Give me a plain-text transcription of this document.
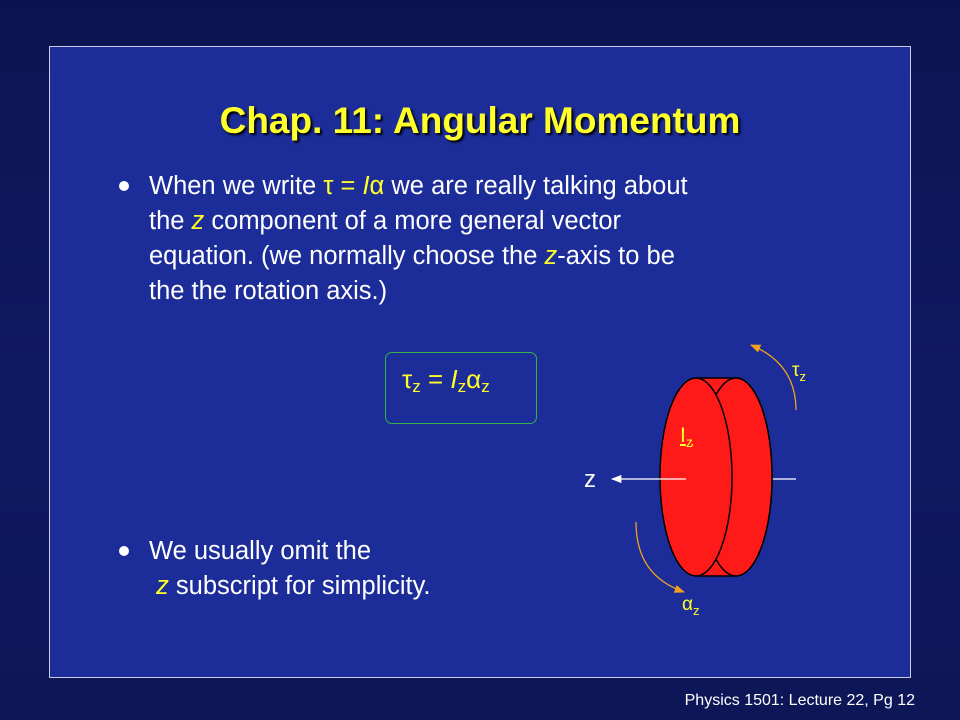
Chap. 11: Angular Momentum
When we write τ = Iα we are really talking about
the z component of a more general vector
equation. (we normally choose the z-axis to be
the the rotation axis.)
$\tau_z = I_z\alpha_z$
We usually omit the
z subscript for simplicity.
$\tau_z$
$I_z$
z
$\alpha_z$
Physics 1501: Lecture 22, Pg 12
